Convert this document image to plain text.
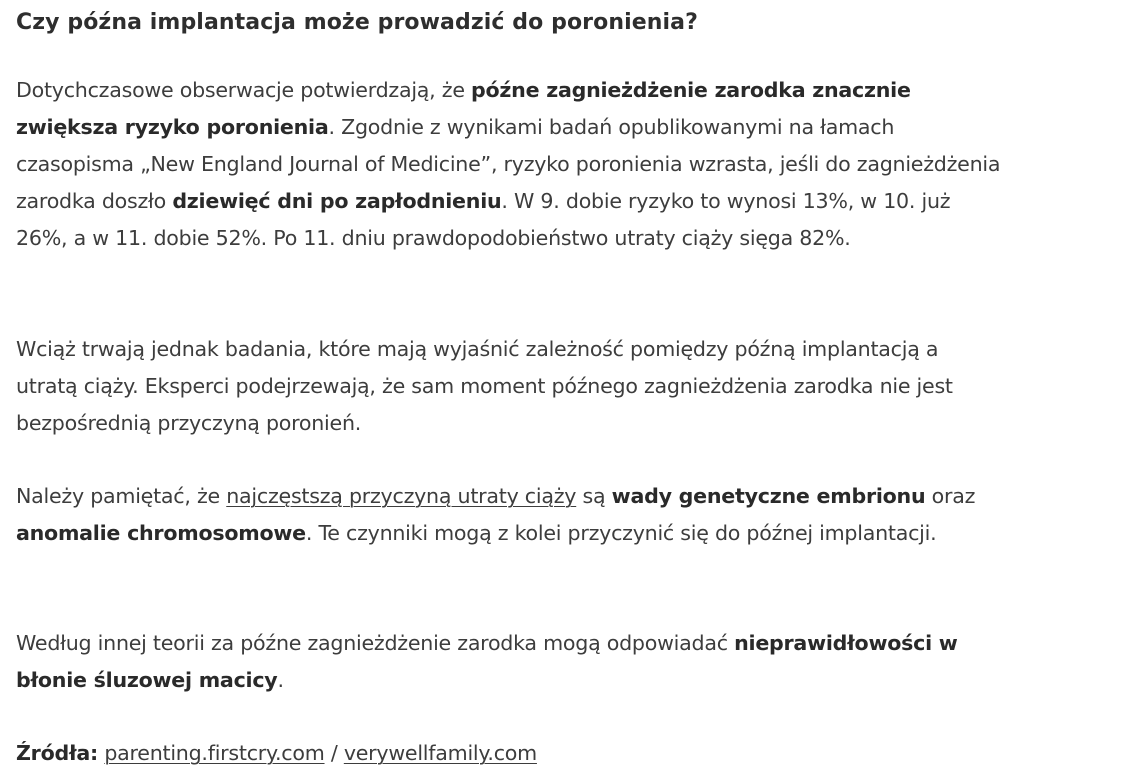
Czy późna implantacja może prowadzić do poronienia?

Dotychczasowe obserwacje potwierdzają, że późne zagnieżdżenie zarodka znacznie zwiększa ryzyko poronienia. Zgodnie z wynikami badań opublikowanymi na łamach czasopisma „New England Journal of Medicine”, ryzyko poronienia wzrasta, jeśli do zagnieżdżenia zarodka doszło dziewięć dni po zapłodnieniu. W 9. dobie ryzyko to wynosi 13%, w 10. już 26%, a w 11. dobie 52%. Po 11. dniu prawdopodobieństwo utraty ciąży sięga 82%.

Wciąż trwają jednak badania, które mają wyjaśnić zależność pomiędzy późną implantacją a utratą ciąży. Eksperci podejrzewają, że sam moment późnego zagnieżdżenia zarodka nie jest bezpośrednią przyczyną poronień.

Należy pamiętać, że najczęstszą przyczyną utraty ciąży są wady genetyczne embrionu oraz anomalie chromosomowe. Te czynniki mogą z kolei przyczynić się do późnej implantacji.

Według innej teorii za późne zagnieżdżenie zarodka mogą odpowiadać nieprawidłowości w błonie śluzowej macicy.

Źródła: parenting.firstcry.com / verywellfamily.com
